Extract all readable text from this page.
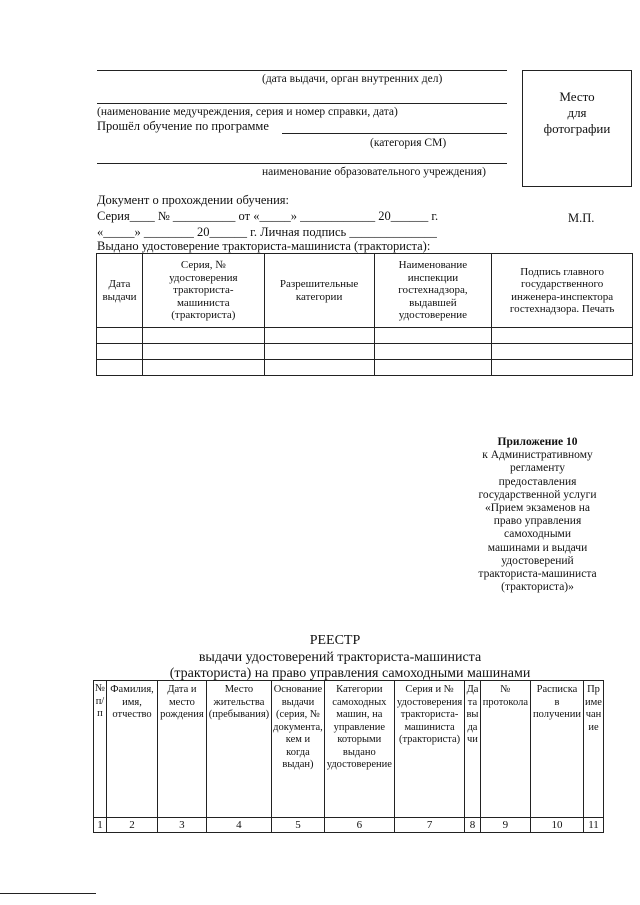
(дата выдачи, орган внутренних дел)
(наименование медучреждения, серия и номер справки, дата)
Прошёл обучение по программе
(категория СМ)
наименование образовательного учреждения)
Место
для
фотографии
Документ о прохождении обучения:
Серия____ № __________ от «_____» ____________ 20______ г.	М.П.
«_____» ________ 20______ г. Личная подпись ______________
Выдано удостоверение тракториста-машиниста (тракториста):
Дата выдачи	Серия, № удостоверения тракториста-машиниста (тракториста)	Разрешительные категории	Наименование инспекции гостехнадзора, выдавшей удостоверение	Подпись главного государственного инженера-инспектора гостехнадзора. Печать

Приложение 10
к Административному
регламенту
предоставления
государственной услуги
«Прием экзаменов на
право управления
самоходными
машинами и выдачи
удостоверений
тракториста-машиниста
(тракториста)»
РЕЕСТР
выдачи удостоверений тракториста-машиниста
(тракториста) на право управления самоходными машинами
№ п/п	Фамилия, имя, отчество	Дата и место рождения	Место жительства (пребывания)	Основание выдачи (серия, № документа, кем и когда выдан)	Категории самоходных машин, на управление которыми выдано удостоверение	Серия и № удостоверения тракториста-машиниста (тракториста)	Дата выдачи	№ протокола	Расписка в получении	Примечание
1	2	3	4	5	6	7	8	9	10	11
